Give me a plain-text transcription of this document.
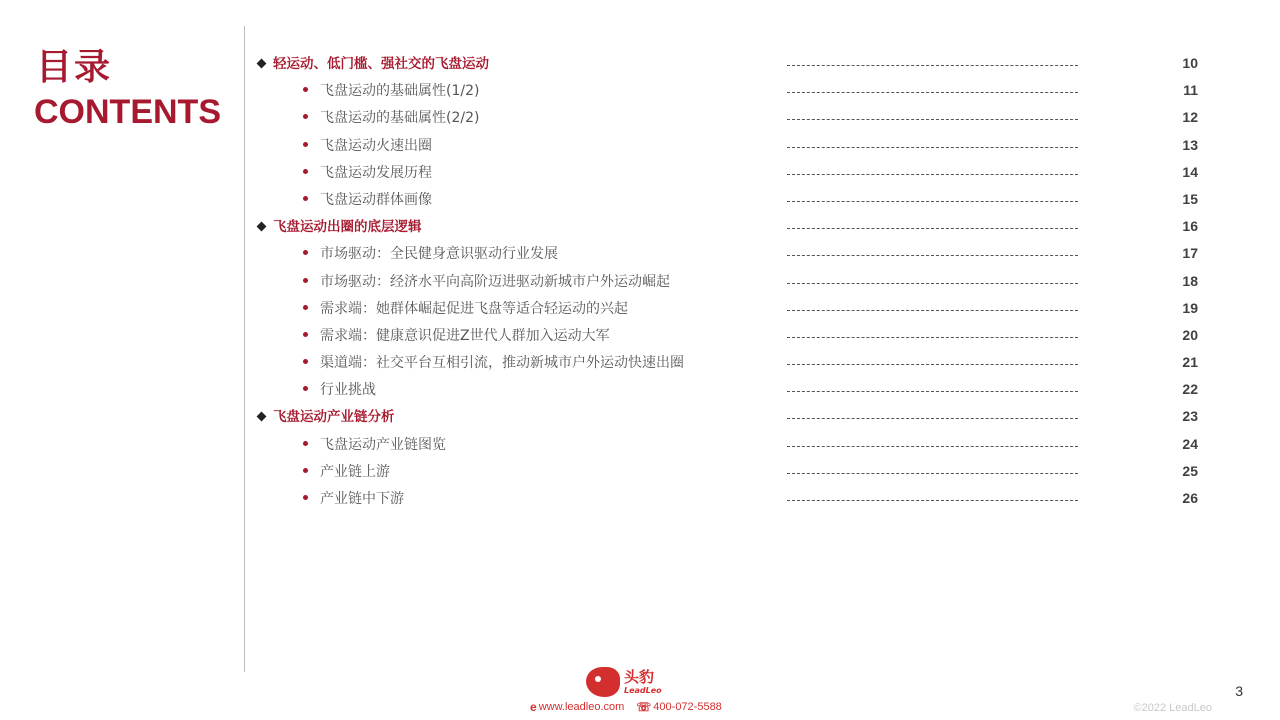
目录
CONTENTS
轻运动、低门槛、强社交的飞盘运动	10
飞盘运动的基础属性(1/2)	11
飞盘运动的基础属性(2/2)	12
飞盘运动火速出圈	13
飞盘运动发展历程	14
飞盘运动群体画像	15
飞盘运动出圈的底层逻辑	16
市场驱动：全民健身意识驱动行业发展	17
市场驱动：经济水平向高阶迈进驱动新城市户外运动崛起	18
需求端：她群体崛起促进飞盘等适合轻运动的兴起	19
需求端：健康意识促进Z世代人群加入运动大军	20
渠道端：社交平台互相引流，推动新城市户外运动快速出圈	21
行业挑战	22
飞盘运动产业链分析	23
飞盘运动产业链图览	24
产业链上游	25
产业链中下游	26
头豹
LeadLeo
e www.leadleo.com ☏ 400-072-5588	©2022 LeadLeo
3
